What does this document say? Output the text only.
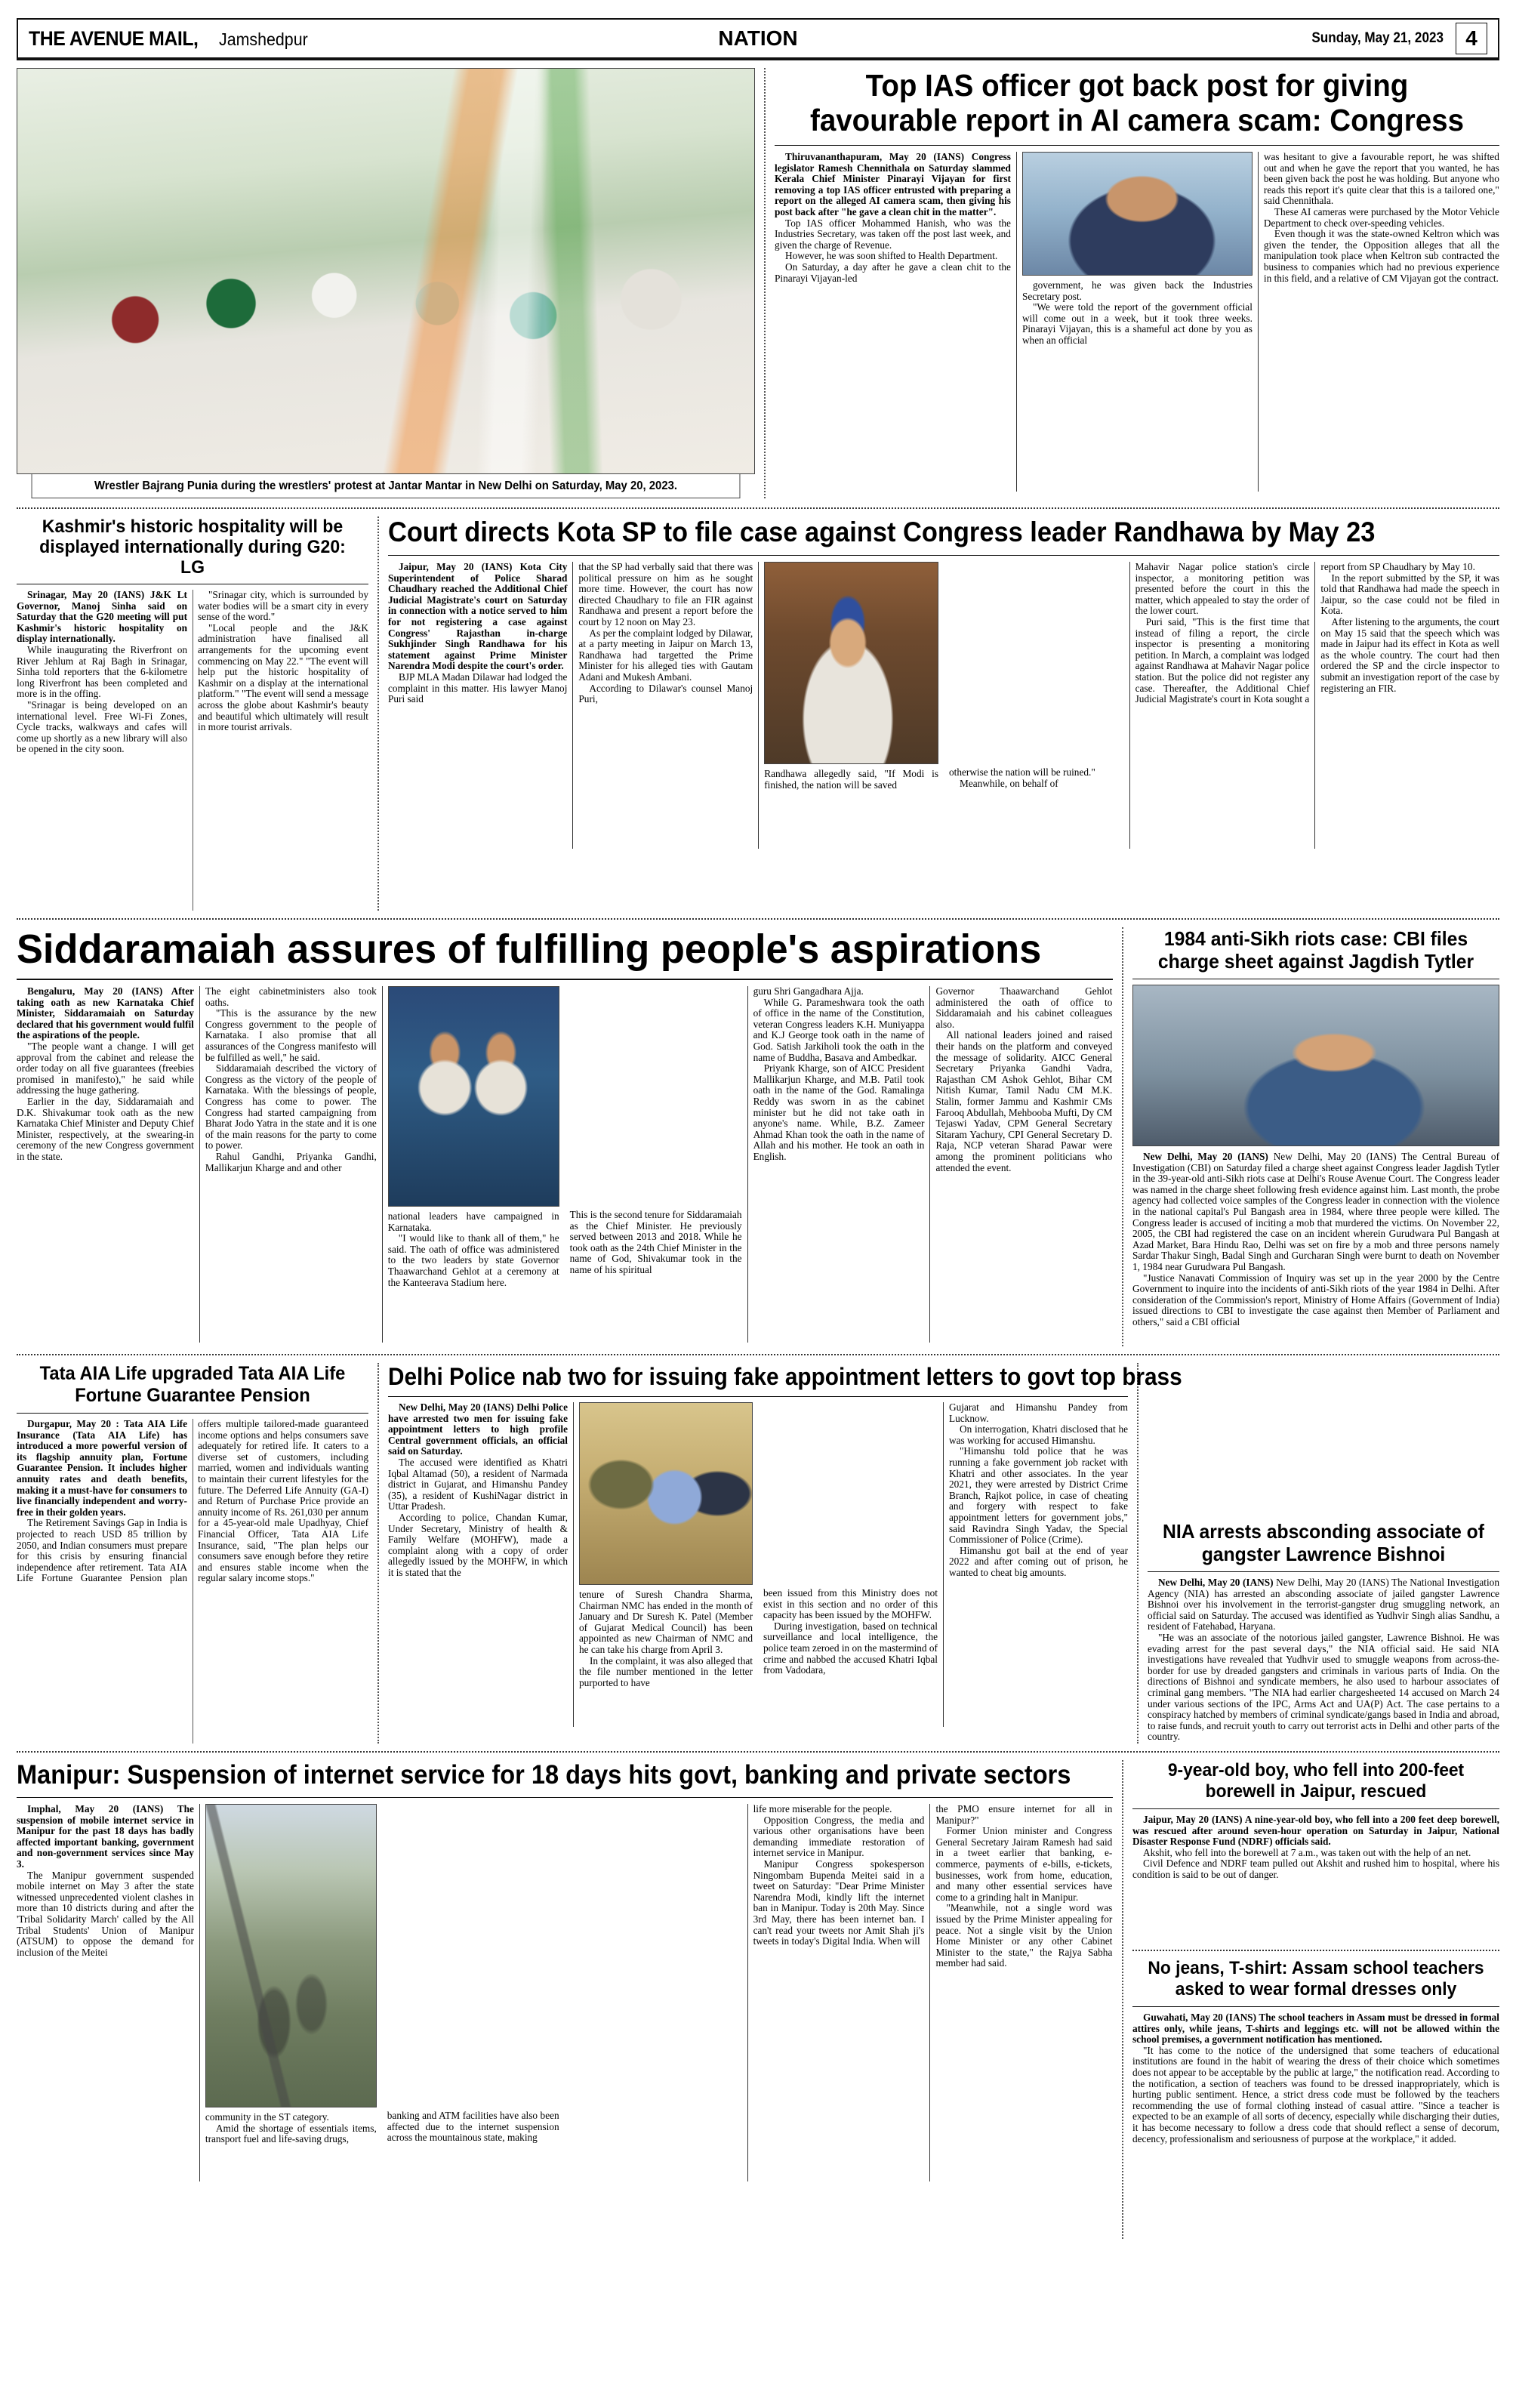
THE AVENUE MAIL, Jamshedpur	NATION	Sunday, May 21, 2023	4
Wrestler Bajrang Punia during the wrestlers' protest at Jantar Mantar in New Delhi on Saturday, May 20, 2023.
Top IAS officer got back post for giving favourable report in AI camera scam: Congress

Thiruvananthapuram, May 20 (IANS) Congress legislator Ramesh Chennithala on Saturday slammed Kerala Chief Minister Pinarayi Vijayan for first removing a top IAS officer entrusted with preparing a report on the alleged AI camera scam, then giving his post back after "he gave a clean chit in the matter".

Top IAS officer Mohammed Hanish, who was the Industries Secretary, was taken off the post last week, and given the charge of Revenue.

However, he was soon shifted to Health Department.

On Saturday, a day after he gave a clean chit to the Pinarayi Vijayan-led

government, he was given back the Industries Secretary post.

"We were told the report of the government official will come out in a week, but it took three weeks. Pinarayi Vijayan, this is a shameful act done by you as when an official

was hesitant to give a favourable report, he was shifted out and when he gave the report that you wanted, he has been given back the post he was holding. But anyone who reads this report it's quite clear that this is a tailored one," said Chennithala.

These AI cameras were purchased by the Motor Vehicle Department to check over-speeding vehicles.

Even though it was the state-owned Keltron which was given the tender, the Opposition alleges that all the manipulation took place when Keltron sub contracted the business to companies which had no previous experience in this field, and a relative of CM Vijayan got the contract.

Kashmir's historic hospitality will be displayed internationally during G20: LG

Srinagar, May 20 (IANS) J&K Lt Governor, Manoj Sinha said on Saturday that the G20 meeting will put Kashmir's historic hospitality on display internationally.

While inaugurating the Riverfront on River Jehlum at Raj Bagh in Srinagar, Sinha told reporters that the 6-kilometre long Riverfront has been completed and more is in the offing.

"Srinagar is being developed on an international level. Free Wi-Fi Zones, Cycle tracks, walkways and cafes will come up shortly as a new library will also be opened in the city soon.

"Srinagar city, which is surrounded by water bodies will be a smart city in every sense of the word."

"Local people and the J&K administration have finalised all arrangements for the upcoming event commencing on May 22." "The event will help put the historic hospitality of Kashmir on a display at the international platform." "The event will send a message across the globe about Kashmir's beauty and beautiful which ultimately will result in more tourist arrivals.

Court directs Kota SP to file case against Congress leader Randhawa by May 23

Jaipur, May 20 (IANS) Kota City Superintendent of Police Sharad Chaudhary reached the Additional Chief Judicial Magistrate's court on Saturday in connection with a notice served to him for not registering a case against Congress' Rajasthan in-charge Sukhjinder Singh Randhawa for his statement against Prime Minister Narendra Modi despite the court's order.

BJP MLA Madan Dilawar had lodged the complaint in this matter. His lawyer Manoj Puri said

that the SP had verbally said that there was political pressure on him as he sought more time. However, the court has now directed Chaudhary to file an FIR against Randhawa and present a report before the court by 12 noon on May 23.

As per the complaint lodged by Dilawar, at a party meeting in Jaipur on March 13, Randhawa had targetted the Prime Minister for his alleged ties with Gautam Adani and Mukesh Ambani.

According to Dilawar's counsel Manoj Puri,

Randhawa allegedly said, "If Modi is finished, the nation will be saved

otherwise the nation will be ruined."

Meanwhile, on behalf of

Mahavir Nagar police station's circle inspector, a monitoring petition was presented before the court in this the matter, which appealed to stay the order of the lower court.

Puri said, "This is the first time that instead of filing a report, the circle inspector is presenting a monitoring petition. In March, a complaint was lodged against Randhawa at Mahavir Nagar police station. But the police did not register any case. Thereafter, the Additional Chief Judicial Magistrate's court in Kota sought a

report from SP Chaudhary by May 10.

In the report submitted by the SP, it was told that Randhawa had made the speech in Jaipur, so the case could not be filed in Kota.

After listening to the arguments, the court on May 15 said that the speech which was made in Jaipur had its effect in Kota as well as the whole country. The court had then ordered the SP and the circle inspector to submit an investigation report of the case by registering an FIR.

Siddaramaiah assures of fulfilling people's aspirations

Bengaluru, May 20 (IANS) After taking oath as new Karnataka Chief Minister, Siddaramaiah on Saturday declared that his government would fulfil the aspirations of the people.

"The people want a change. I will get approval from the cabinet and release the order today on all five guarantees (freebies promised in manifesto)," he said while addressing the huge gathering.

Earlier in the day, Siddaramaiah and D.K. Shivakumar took oath as the new Karnataka Chief Minister and Deputy Chief Minister, respectively, at the swearing-in ceremony of the new Congress government in the state.

The eight cabinetministers also took oaths.

"This is the assurance by the new Congress government to the people of Karnataka. I also promise that all assurances of the Congress manifesto will be fulfilled as well," he said.

Siddaramaiah described the victory of Congress as the victory of the people of Karnataka. With the blessings of people, Congress has come to power. The Congress had started campaigning from Bharat Jodo Yatra in the state and it is one of the main reasons for the party to come to power.

Rahul Gandhi, Priyanka Gandhi, Mallikarjun Kharge and and other

national leaders have campaigned in Karnataka.

"I would like to thank all of them," he said. The oath of office was administered to the two leaders by state Governor Thaawarchand Gehlot at a ceremony at the Kanteerava Stadium here.

This is the second tenure for Siddaramaiah as the Chief Minister. He previously served between 2013 and 2018. While he took oath as the 24th Chief Minister in the name of God, Shivakumar took in the name of his spiritual

guru Shri Gangadhara Ajja.

While G. Parameshwara took the oath of office in the name of the Constitution, veteran Congress leaders K.H. Muniyappa and K.J George took oath in the name of God. Satish Jarkiholi took the oath in the name of Buddha, Basava and Ambedkar.

Priyank Kharge, son of AICC President Mallikarjun Kharge, and M.B. Patil took oath in the name of the God. Ramalinga Reddy was sworn in as the cabinet minister but he did not take oath in anyone's name. While, B.Z. Zameer Ahmad Khan took the oath in the name of Allah and his mother. He took an oath in English.

Governor Thaawarchand Gehlot administered the oath of office to Siddaramaiah and his cabinet colleagues also.

All national leaders joined and raised their hands on the platform and conveyed the message of solidarity. AICC General Secretary Priyanka Gandhi Vadra, Rajasthan CM Ashok Gehlot, Bihar CM Nitish Kumar, Tamil Nadu CM M.K. Stalin, former Jammu and Kashmir CMs Farooq Abdullah, Mehbooba Mufti, Dy CM Tejaswi Yadav, CPM General Secretary Sitaram Yachury, CPI General Secretary D. Raja, NCP veteran Sharad Pawar were among the prominent politicians who attended the event.

1984 anti-Sikh riots case: CBI files charge sheet against Jagdish Tytler

New Delhi, May 20 (IANS) New Delhi, May 20 (IANS) The Central Bureau of Investigation (CBI) on Saturday filed a charge sheet against Congress leader Jagdish Tytler in the 39-year-old anti-Sikh riots case at Delhi's Rouse Avenue Court. The Congress leader was named in the charge sheet following fresh evidence against him. Last month, the probe agency had collected voice samples of the Congress leader in connection with the violence in the national capital's Pul Bangash area in 1984, where three people were killed. The Congress leader is accused of inciting a mob that murdered the victims. On November 22, 2005, the CBI had registered the case on an incident wherein Gurudwara Pul Bangash at Azad Market, Bara Hindu Rao, Delhi was set on fire by a mob and three persons namely Sardar Thakur Singh, Badal Singh and Gurcharan Singh were burnt to death on November 1, 1984 near Gurudwara Pul Bangash.

"Justice Nanavati Commission of Inquiry was set up in the year 2000 by the Centre Government to inquire into the incidents of anti-Sikh riots of the year 1984 in Delhi. After consideration of the Commission's report, Ministry of Home Affairs (Government of India) issued directions to CBI to investigate the case against then Member of Parliament and others," said a CBI official

Tata AIA Life upgraded Tata AIA Life Fortune Guarantee Pension

Durgapur, May 20 : Tata AIA Life Insurance (Tata AIA Life) has introduced a more powerful version of its flagship annuity plan, Fortune Guarantee Pension. It includes higher annuity rates and death benefits, making it a must-have for consumers to live financially independent and worry-free in their golden years.

The Retirement Savings Gap in India is projected to reach USD 85 trillion by 2050, and Indian consumers must prepare for this crisis by ensuring financial independence after retirement. Tata AIA Life Fortune Guarantee Pension plan offers multiple tailored-made guaranteed income options and helps consumers save adequately for retired life. It caters to a diverse set of customers, including married, women and individuals wanting to maintain their current lifestyles for the future. The Deferred Life Annuity (GA-I) and Return of Purchase Price provide an annuity income of Rs. 261,030 per annum for a 45-year-old male Upadhyay, Chief Financial Officer, Tata AIA Life Insurance, said, "The plan helps our consumers save enough before they retire and ensures stable income when the regular salary income stops."

Delhi Police nab two for issuing fake appointment letters to govt top brass

New Delhi, May 20 (IANS) Delhi Police have arrested two men for issuing fake appointment letters to high profile Central government officials, an official said on Saturday.

The accused were identified as Khatri Iqbal Altamad (50), a resident of Narmada district in Gujarat, and Himanshu Pandey (35), a resident of KushiNagar district in Uttar Pradesh.

According to police, Chandan Kumar, Under Secretary, Ministry of health & Family Welfare (MOHFW), made a complaint along with a copy of order allegedly issued by the MOHFW, in which it is stated that the

tenure of Suresh Chandra Sharma, Chairman NMC has ended in the month of January and Dr Suresh K. Patel (Member of Gujarat Medical Council) has been appointed as new Chairman of NMC and he can take his charge from April 3.

In the complaint, it was also alleged that the file number mentioned in the letter purported to have

been issued from this Ministry does not exist in this section and no order of this capacity has been issued by the MOHFW.

During investigation, based on technical surveillance and local intelligence, the police team zeroed in on the mastermind of crime and nabbed the accused Khatri Iqbal from Vadodara,

Gujarat and Himanshu Pandey from Lucknow.

On interrogation, Khatri disclosed that he was working for accused Himanshu.

"Himanshu told police that he was running a fake government job racket with Khatri and other associates. In the year 2021, they were arrested by District Crime Branch, Rajkot police, in case of cheating and forgery with respect to fake appointment letters for government jobs," said Ravindra Singh Yadav, the Special Commissioner of Police (Crime).

Himanshu got bail at the end of year 2022 and after coming out of prison, he wanted to cheat big amounts.

NIA arrests absconding associate of gangster Lawrence Bishnoi

New Delhi, May 20 (IANS) New Delhi, May 20 (IANS) The National Investigation Agency (NIA) has arrested an absconding associate of jailed gangster Lawrence Bishnoi over his involvement in the terrorist-gangster drug smuggling network, an official said on Saturday. The accused was identified as Yudhvir Singh alias Sandhu, a resident of Fatehabad, Haryana.

"He was an associate of the notorious jailed gangster, Lawrence Bishnoi. He was evading arrest for the past several days," the NIA official said. He said NIA investigations have revealed that Yudhvir used to smuggle weapons from across-the-border for use by dreaded gangsters and criminals in various parts of India. On the directions of Bishnoi and syndicate members, he also used to harbour associates of criminal gang members. "The NIA had earlier chargesheeted 14 accused on March 24 under various sections of the IPC, Arms Act and UA(P) Act. The case pertains to a conspiracy hatched by members of criminal syndicate/gangs based in India and abroad, to raise funds, and recruit youth to carry out terrorist acts in Delhi and other parts of the country.

Manipur: Suspension of internet service for 18 days hits govt, banking and private sectors

Imphal, May 20 (IANS) The suspension of mobile internet service in Manipur for the past 18 days has badly affected important banking, government and non-government services since May 3.

The Manipur government suspended mobile internet on May 3 after the state witnessed unprecedented violent clashes in more than 10 districts during and after the 'Tribal Solidarity March' called by the All Tribal Students' Union of Manipur (ATSUM) to oppose the demand for inclusion of the Meitei

community in the ST category.

Amid the shortage of essentials items, transport fuel and life-saving drugs,

banking and ATM facilities have also been affected due to the internet suspension across the mountainous state, making

life more miserable for the people.

Opposition Congress, the media and various other organisations have been demanding immediate restoration of internet service in Manipur.

Manipur Congress spokesperson Ningombam Bupenda Meitei said in a tweet on Saturday: "Dear Prime Minister Narendra Modi, kindly lift the internet ban in Manipur. Today is 20th May. Since 3rd May, there has been internet ban. I can't read your tweets nor Amit Shah ji's tweets in today's Digital India. When will

the PMO ensure internet for all in Manipur?"

Former Union minister and Congress General Secretary Jairam Ramesh had said in a tweet earlier that banking, e-commerce, payments of e-bills, e-tickets, businesses, work from home, education, and many other essential services have come to a grinding halt in Manipur.

"Meanwhile, not a single word was issued by the Prime Minister appealing for peace. Not a single visit by the Union Home Minister or any other Cabinet Minister to the state," the Rajya Sabha member had said.

9-year-old boy, who fell into 200-feet borewell in Jaipur, rescued

Jaipur, May 20 (IANS) A nine-year-old boy, who fell into a 200 feet deep borewell, was rescued after around seven-hour operation on Saturday in Jaipur, National Disaster Response Fund (NDRF) officials said.

Akshit, who fell into the borewell at 7 a.m., was taken out with the help of an net.

Civil Defence and NDRF team pulled out Akshit and rushed him to hospital, where his condition is said to be out of danger.

No jeans, T-shirt: Assam school teachers asked to wear formal dresses only

Guwahati, May 20 (IANS) The school teachers in Assam must be dressed in formal attires only, while jeans, T-shirts and leggings etc. will not be allowed within the school premises, a government notification has mentioned.

"It has come to the notice of the undersigned that some teachers of educational institutions are found in the habit of wearing the dress of their choice which sometimes does not appear to be acceptable by the public at large," the notification read. According to the notification, a section of teachers was found to be dressed inappropriately, which is hurting public sentiment. Hence, a strict dress code must be followed by the teachers recommending the use of formal clothing instead of casual attire. "Since a teacher is expected to be an example of all sorts of decency, especially while discharging their duties, it has become necessary to follow a dress code that should reflect a sense of decorum, decency, professionalism and seriousness of purpose at the workplace," it added.
